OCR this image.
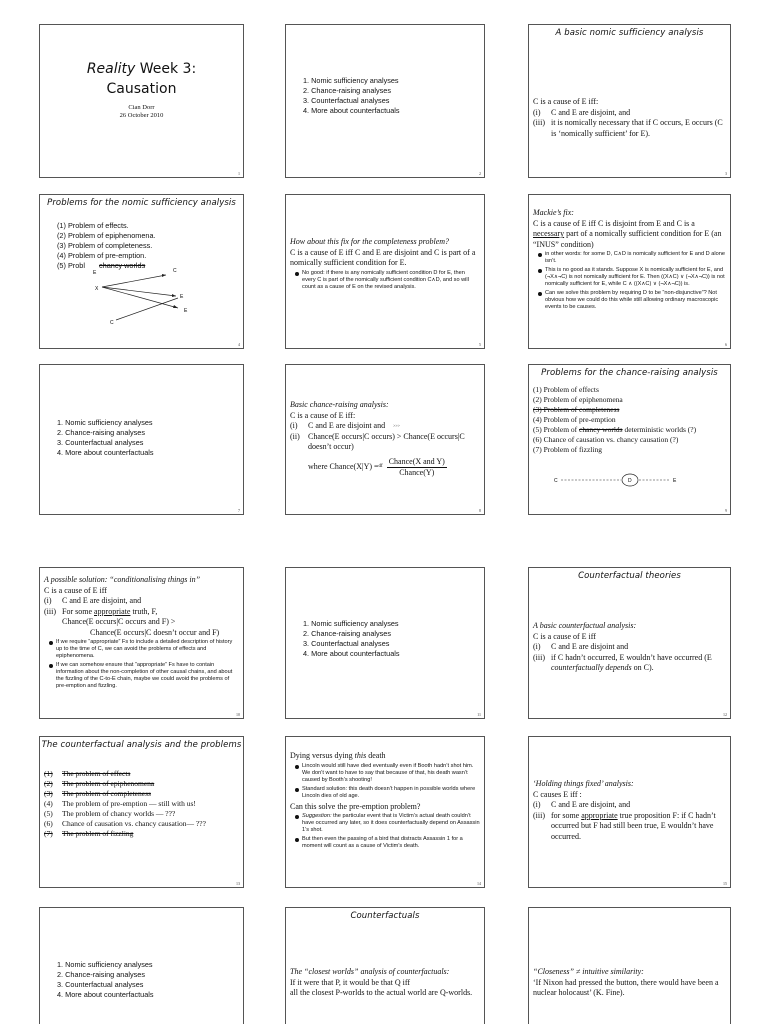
Reality Week 3:
Causation
Cian Dorr
26 October 2010
1

1. Nomic sufficiency analyses

2. Chance-raising analyses

3. Counterfactual analyses

4. More about counterfactuals

2
A basic nomic sufficiency analysis

C is a cause of E iff:

(i)	C and E are disjoint, and
(iii) it is nomically necessary that if C occurs, E occurs (C is ‘nomically sufficient’ for E).
3
Problems for the nomic sufficiency analysis

(1) Problem of effects.

(2) Problem of epiphenomena.

(3) Problem of completeness.

(4) Problem of pre-emption.

(5) Probl chancy worlds

E	C
X
E
E
C
4

How about this fix for the completeness problem?

C is a cause of E iff C and E are disjoint and C is part of a nomically sufficient condition for E.

No good: if there is any nomically sufficient condition D for E, then every C is part of the nomically sufficient condition C∧D, and so will count as a cause of E on the revised analysis.
5

Mackie’s fix:

C is a cause of E iff C is disjoint from E and C is a necessary part of a nomically sufficient condition for E (an “INUS” condition)

in other words: for some D, C∧D is nomically sufficient for E and D alone isn’t.
This is no good as it stands. Suppose X is nomically sufficient for E, and (¬X∧¬C) is not nomically sufficient for E. Then ((X∧C) ∨ (¬X∧¬C)) is not nomically sufficient for E, while C ∧ ((X∧C) ∨ (¬X∧¬C)) is.
Can we solve this problem by requiring D to be “non-disjunctive”? Not obvious how we could do this while still allowing ordinary macroscopic events to be causes.
6

1. Nomic sufficiency analyses

2. Chance-raising analyses

3. Counterfactual analyses

4. More about counterfactuals

7

Basic chance-raising analysis:

C is a cause of E iff:

(i)	C and E are disjoint and >>>
(ii)	Chance(E occurs|C occurs) > Chance(E occurs|C doesn’t occur)
where Chance(X|Y) = df
Chance(X and Y)
Chance(Y)
8
Problems for the chance-raising analysis

(1) Problem of effects

(2) Problem of epiphenomena

(3) Problem of completeness

(4) Problem of pre-emption

(5) Problem of chancy worlds deterministic worlds (?)

(6) Chance of causation vs. chancy causation (?)

(7) Problem of fizzling

C	D	E
9

A possible solution: “conditionalising things in”

C is a cause of E iff

(i)	C and E are disjoint, and
(iii) For some appropriate truth, F,

Chance(E occurs|C occurs and F) >

Chance(E occurs|C doesn’t occur and F)

If we require “appropriate” Fs to include a detailed description of history up to the time of C, we can avoid the problems of effects and epiphenomena.
If we can somehow ensure that “appropriate” Fs have to contain information about the non-completion of other causal chains, and about the fizzling of the C-to-E chain, maybe we could avoid the problems of pre-emption and fizzling.
10

1. Nomic sufficiency analyses

2. Chance-raising analyses

3. Counterfactual analyses

4. More about counterfactuals

11
Counterfactual theories

A basic counterfactual analysis:

C is a cause of E iff

(i)	C and E are disjoint and
(iii) if C hadn’t occurred, E wouldn’t have occurred (E counterfactually depends on C).
12
The counterfactual analysis and the problems
(1)	The problem of effects
(2)	The problem of epiphenomena
(3)	The problem of completeness
(4)	The problem of pre-emption — still with us!
(5)	The problem of chancy worlds — ???
(6)	Chance of causation vs. chancy causation— ???
(7)	The problem of fizzling
13

Dying versus dying this death

Lincoln would still have died eventually even if Booth hadn’t shot him. We don’t want to have to say that because of that, his death wasn’t caused by Booth’s shooting!
Standard solution: this death doesn’t happen in possible worlds where Lincoln dies of old age.

Can this solve the pre-emption problem?

Suggestion: the particular event that is Victim’s actual death couldn’t have occurred any later, so it does counterfactually depend on Assassin 1’s shot.
But then even the passing of a bird that distracts Assassin 1 for a moment will count as a cause of Victim’s death.
14

‘Holding things fixed’ analysis:

C causes E iff :

(i)	C and E are disjoint, and
(iii) for some appropriate true proposition F: if C hadn’t occurred but F had still been true, E wouldn’t have occurred.
15

1. Nomic sufficiency analyses

2. Chance-raising analyses

3. Counterfactual analyses

4. More about counterfactuals

Counterfactuals

The “closest worlds” analysis of counterfactuals:

If it were that P, it would be that Q iff

all the closest P-worlds to the actual world are Q-worlds.

“Closeness” ≠ intuitive similarity:

‘If Nixon had pressed the button, there would have been a nuclear holocaust’ (K. Fine).
